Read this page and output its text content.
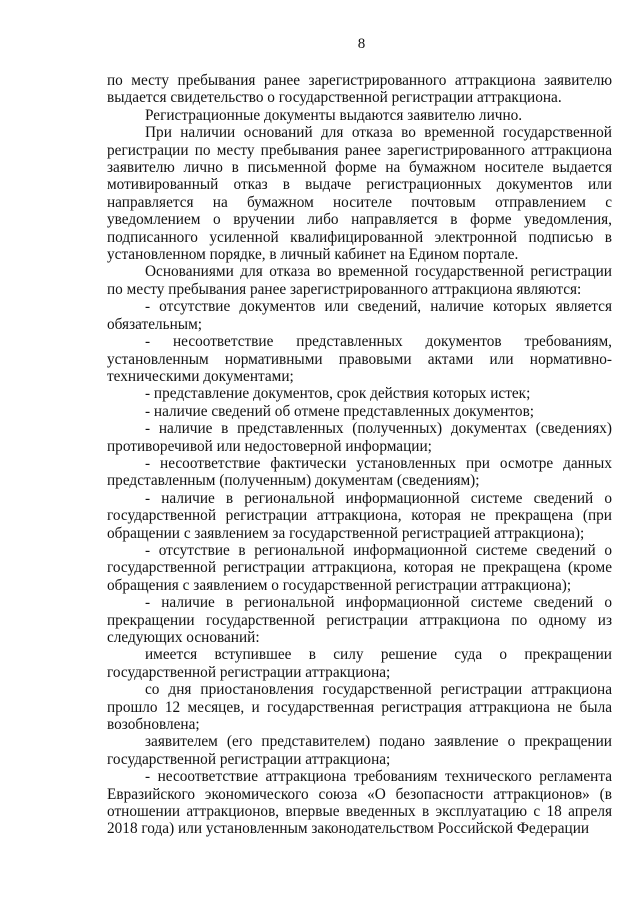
8

по месту пребывания ранее зарегистрированного аттракциона заявителю выдается свидетельство о государственной регистрации аттракциона.

Регистрационные документы выдаются заявителю лично.

При наличии оснований для отказа во временной государственной регистрации по месту пребывания ранее зарегистрированного аттракциона заявителю лично в письменной форме на бумажном носителе выдается мотивированный отказ в выдаче регистрационных документов или направляется на бумажном носителе почтовым отправлением с уведомлением о вручении либо направляется в форме уведомления, подписанного усиленной квалифицированной электронной подписью в установленном порядке, в личный кабинет на Едином портале.

Основаниями для отказа во временной государственной регистрации по месту пребывания ранее зарегистрированного аттракциона являются:

- отсутствие документов или сведений, наличие которых является обязательным;

- несоответствие представленных документов требованиям, установленным нормативными правовыми актами или нормативно-техническими документами;

- представление документов, срок действия которых истек;

- наличие сведений об отмене представленных документов;

- наличие в представленных (полученных) документах (сведениях) противоречивой или недостоверной информации;

- несоответствие фактически установленных при осмотре данных представленным (полученным) документам (сведениям);

- наличие в региональной информационной системе сведений о государственной регистрации аттракциона, которая не прекращена (при обращении с заявлением за государственной регистрацией аттракциона);

- отсутствие в региональной информационной системе сведений о государственной регистрации аттракциона, которая не прекращена (кроме обращения с заявлением о государственной регистрации аттракциона);

- наличие в региональной информационной системе сведений о прекращении государственной регистрации аттракциона по одному из следующих оснований:

имеется вступившее в силу решение суда о прекращении государственной регистрации аттракциона;

со дня приостановления государственной регистрации аттракциона прошло 12 месяцев, и государственная регистрация аттракциона не была возобновлена;

заявителем (его представителем) подано заявление о прекращении государственной регистрации аттракциона;

- несоответствие аттракциона требованиям технического регламента Евразийского экономического союза «О безопасности аттракционов» (в отношении аттракционов, впервые введенных в эксплуатацию с 18 апреля 2018 года) или установленным законодательством Российской Федерации
